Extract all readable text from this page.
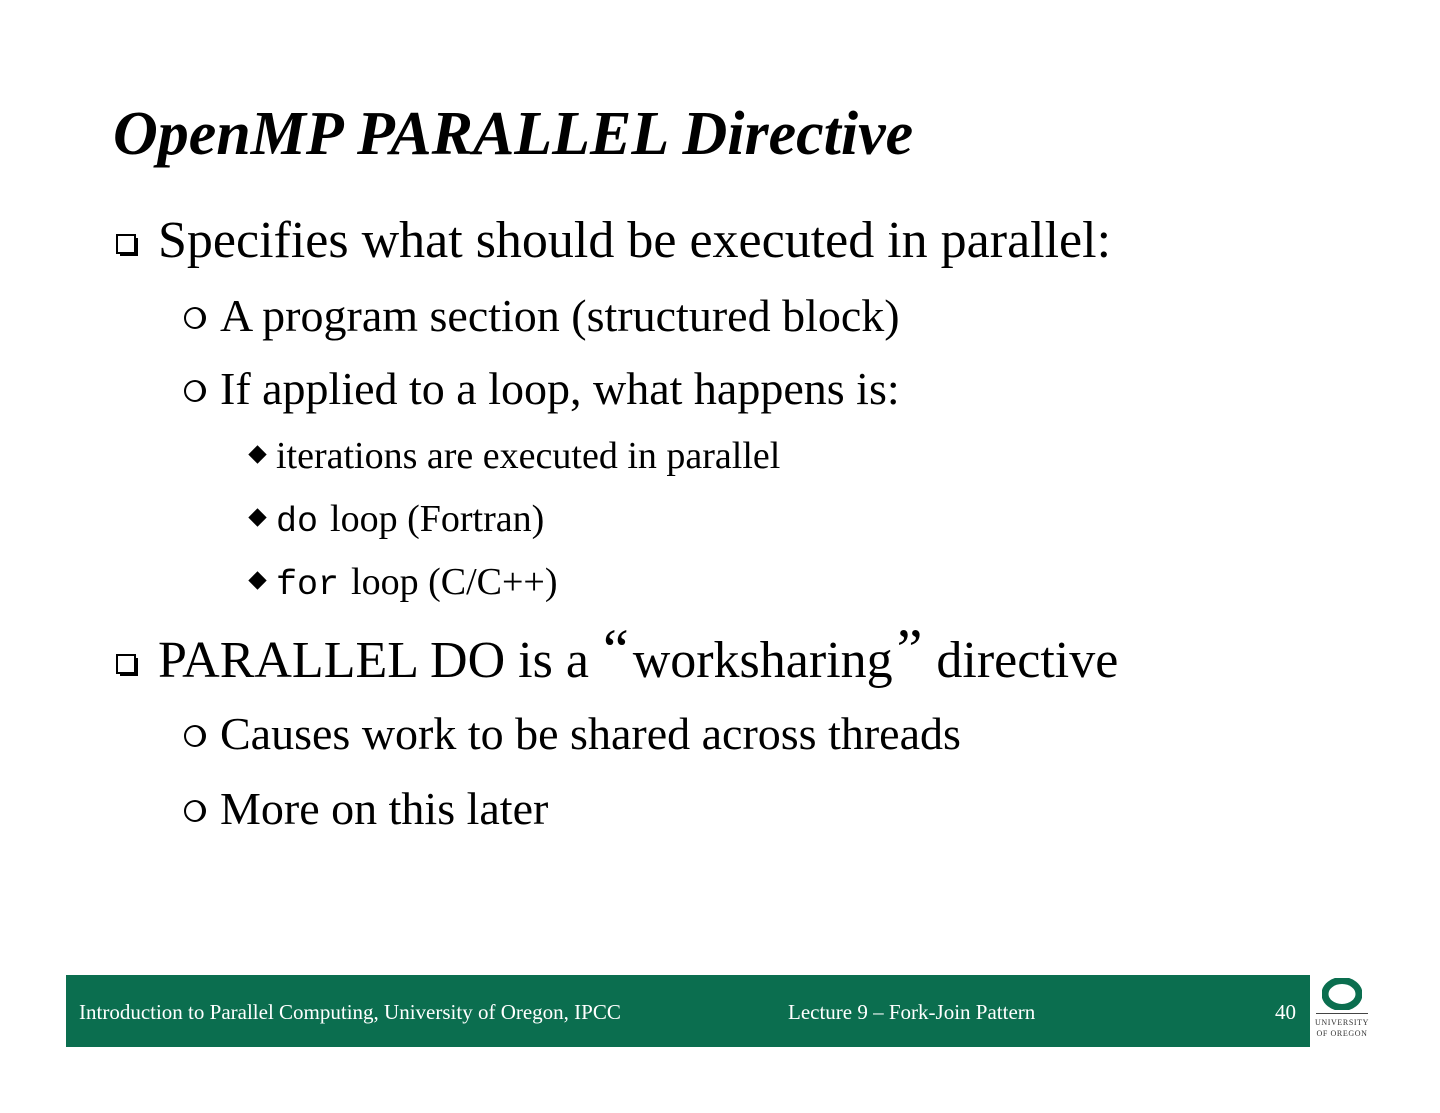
OpenMP PARALLEL Directive
Specifies what should be executed in parallel:
A program section (structured block)
If applied to a loop, what happens is:
iterations are executed in parallel
do loop (Fortran)
for loop (C/C++)
PARALLEL DO is a “ worksharing ” directive
Causes work to be shared across threads
More on this later
Introduction to Parallel Computing, University of Oregon, IPCC	Lecture 9 – Fork-Join Pattern	40	UNIVERSITY
OF OREGON
